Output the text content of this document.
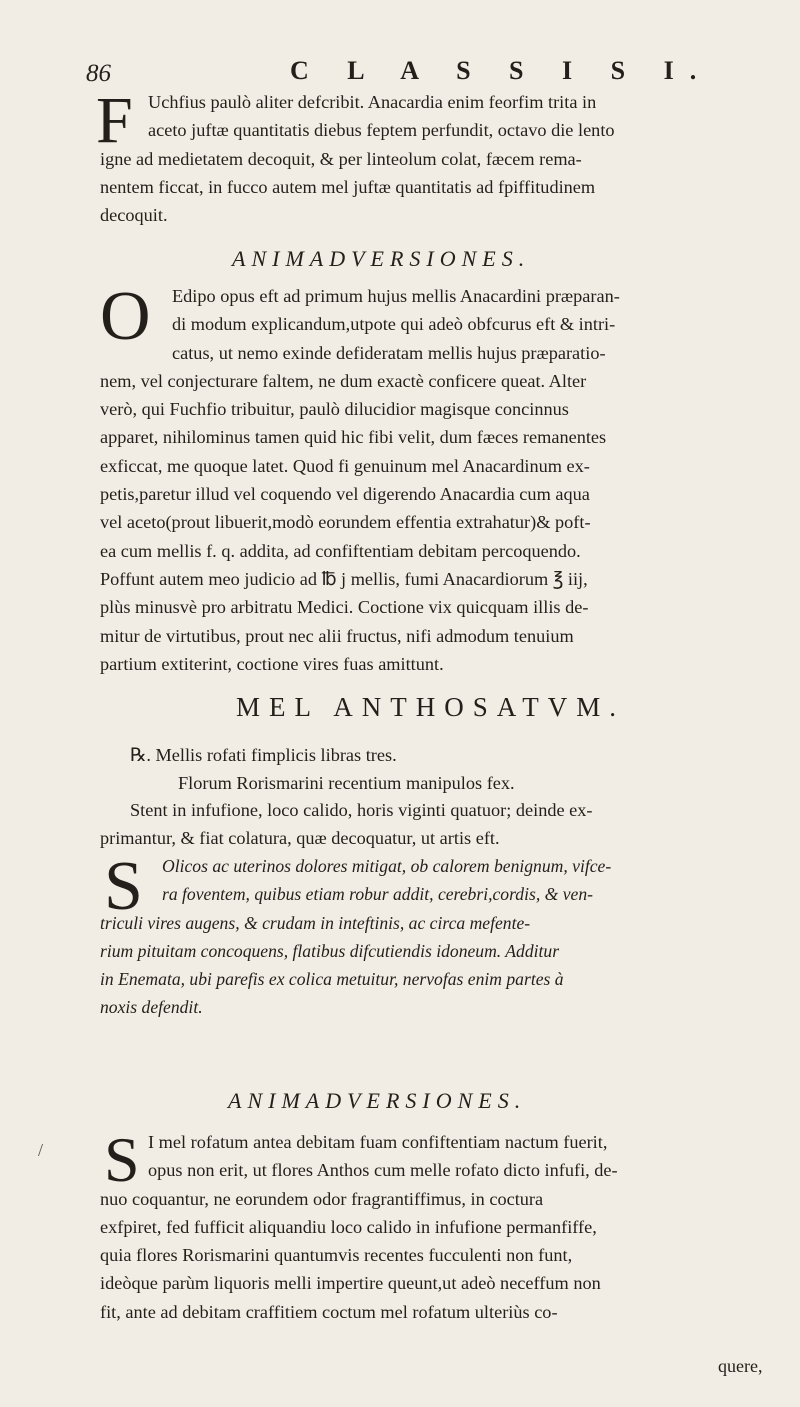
86	C L A S S I S I.
F Uchfius paulò aliter defcribit. Anacardia enim feorfim trita in
aceto juftæ quantitatis diebus feptem perfundit, octavo die lento
igne ad medietatem decoquit, & per linteolum colat, fæcem rema-
nentem ficcat, in fucco autem mel juftæ quantitatis ad fpiffitudinem
decoquit.
ANIMADVERSIONES.
O	Edipo opus eft ad primum hujus mellis Anacardini præparan-
di modum explicandum,utpote qui adeò obfcurus eft & intri-
catus, ut nemo exinde defideratam mellis hujus præparatio-
nem, vel conjecturare faltem, ne dum exactè conficere queat. Alter
verò, qui Fuchfio tribuitur, paulò dilucidior magisque concinnus
apparet, nihilominus tamen quid hic fibi velit, dum fæces remanentes
exficcat, me quoque latet. Quod fi genuinum mel Anacardinum ex-
petis,paretur illud vel coquendo vel digerendo Anacardia cum aqua
vel aceto(prout libuerit,modò eorundem effentia extrahatur)& poft-
ea cum mellis f. q. addita, ad confiftentiam debitam percoquendo.
Poffunt autem meo judicio ad ℔ j mellis, fumi Anacardiorum ℥ iij,
plùs minusvè pro arbitratu Medici. Coctione vix quicquam illis de-
mitur de virtutibus, prout nec alii fructus, nifi admodum tenuium
partium extiterint, coctione vires fuas amittunt.
MEL ANTHOSATVM.
℞. Mellis rofati fimplicis libras tres.
Florum Rorismarini recentium manipulos fex.
Stent in infufione, loco calido, horis viginti quatuor; deinde ex-
primantur, & fiat colatura, quæ decoquatur, ut artis eft.
S	Olicos ac uterinos dolores mitigat, ob calorem benignum, vifce-
ra foventem, quibus etiam robur addit, cerebri,cordis, & ven-
triculi vires augens, & crudam in inteftinis, ac circa mefente-
rium pituitam concoquens, flatibus difcutiendis idoneum. Additur
in Enemata, ubi parefis ex colica metuitur, nervofas enim partes à
noxis defendit.
ANIMADVERSIONES.
/ S I mel rofatum antea debitam fuam confiftentiam nactum fuerit,
opus non erit, ut flores Anthos cum melle rofato dicto infufi, de-
nuo coquantur, ne eorundem odor fragrantiffimus, in coctura
exfpiret, fed fufficit aliquandiu loco calido in infufione permanfiffe,
quia flores Rorismarini quantumvis recentes fucculenti non funt,
ideòque parùm liquoris melli impertire queunt,ut adeò neceffum non
fit, ante ad debitam craffitiem coctum mel rofatum ulteriùs co-
quere,
